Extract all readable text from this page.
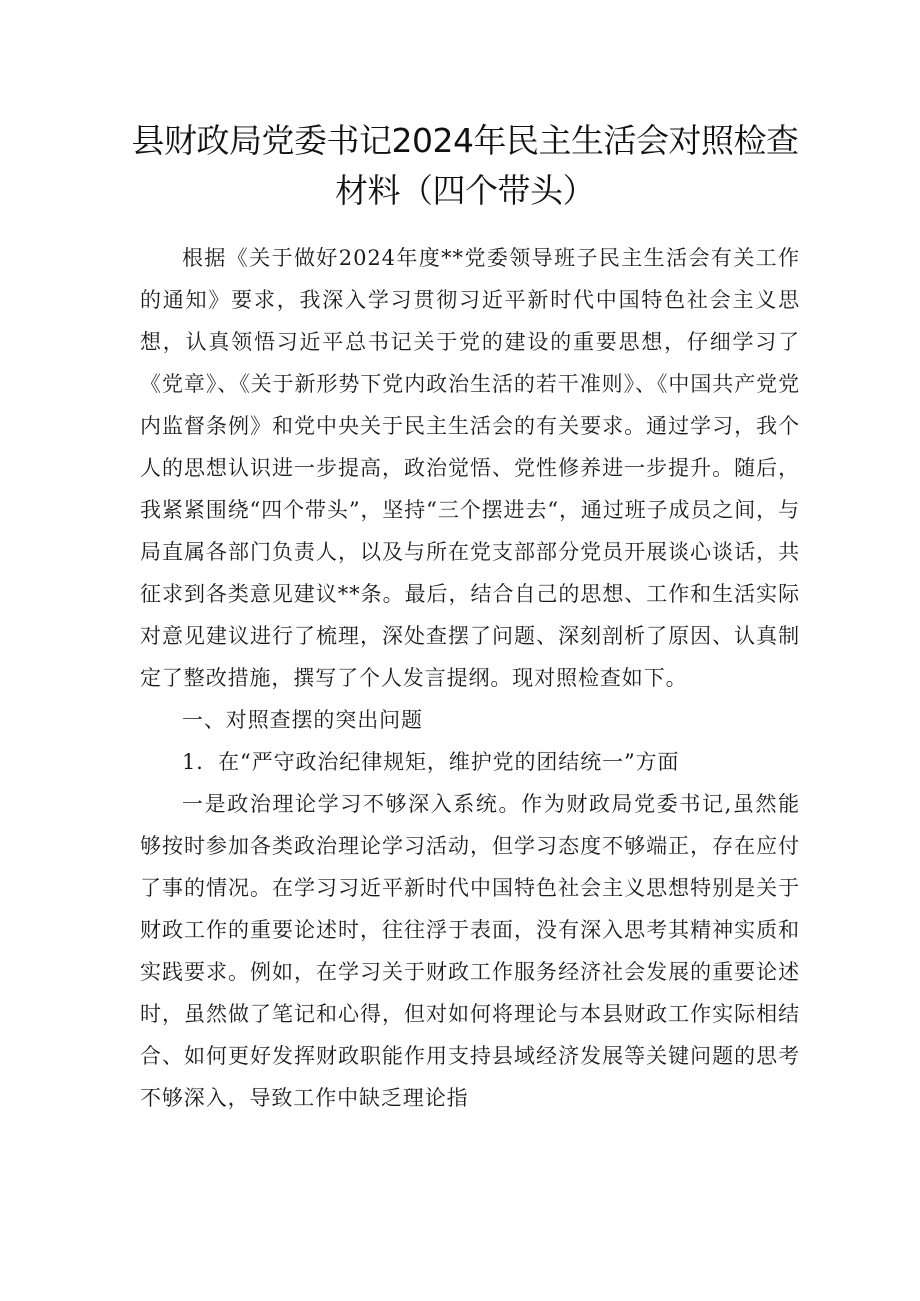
县财政局党委书记2024年民主生活会对照检查
材料（四个带头）

根据《关于做好2024年度**党委领导班子民主生活会有关工作的通知》要求，我深入学习贯彻习近平新时代中国特色社会主义思想，认真领悟习近平总书记关于党的建设的重要思想，仔细学习了《党章》、《关于新形势下党内政治生活的若干准则》、《中国共产党党内监督条例》和党中央关于民主生活会的有关要求。通过学习，我个人的思想认识进一步提高，政治觉悟、党性修养进一步提升。随后，我紧紧围绕“四个带头”，坚持“三个摆进去“，通过班子成员之间，与局直属各部门负责人，以及与所在党支部部分党员开展谈心谈话，共征求到各类意见建议**条。最后，结合自己的思想、工作和生活实际对意见建议进行了梳理，深处查摆了问题、深刻剖析了原因、认真制定了整改措施，撰写了个人发言提纲。现对照检查如下。

一、对照查摆的突出问题

1．在“严守政治纪律规矩，维护党的团结统一”方面

一是政治理论学习不够深入系统。作为财政局党委书记,虽然能够按时参加各类政治理论学习活动，但学习态度不够端正，存在应付了事的情况。在学习习近平新时代中国特色社会主义思想特别是关于财政工作的重要论述时，往往浮于表面，没有深入思考其精神实质和实践要求。例如，在学习关于财政工作服务经济社会发展的重要论述时，虽然做了笔记和心得，但对如何将理论与本县财政工作实际相结合、如何更好发挥财政职能作用支持县域经济发展等关键问题的思考不够深入，导致工作中缺乏理论指
